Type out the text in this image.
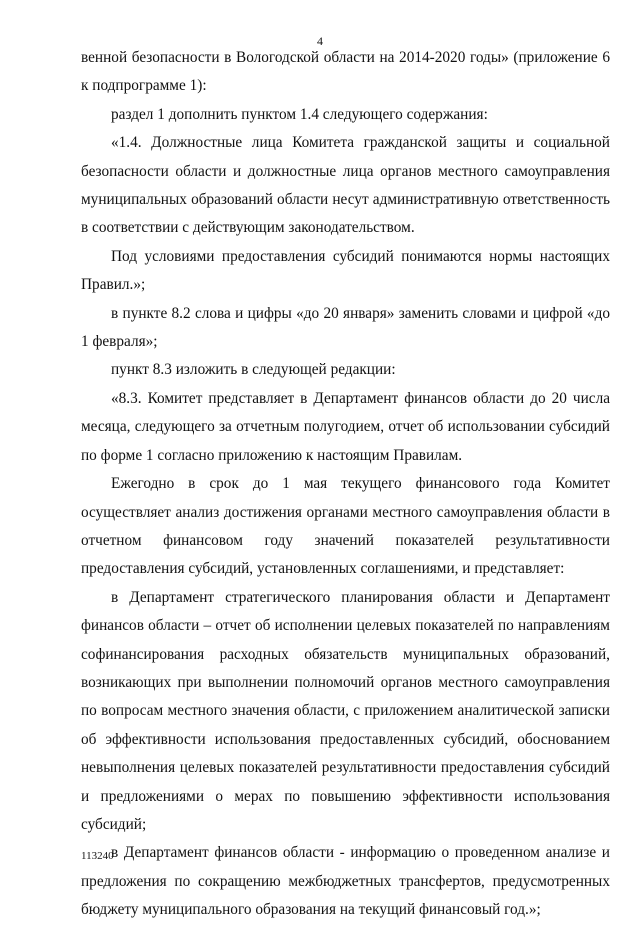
4

венной безопасности в Вологодской области на 2014-2020 годы» (приложение 6 к подпрограмме 1):

раздел 1 дополнить пунктом 1.4 следующего содержания:

«1.4. Должностные лица Комитета гражданской защиты и социальной безопасности области и должностные лица органов местного самоуправления муниципальных образований области несут административную ответственность в соответствии с действующим законодательством.

Под условиями предоставления субсидий понимаются нормы настоящих Правил.»;

в пункте 8.2 слова и цифры «до 20 января» заменить словами и цифрой «до 1 февраля»;

пункт 8.3 изложить в следующей редакции:

«8.3. Комитет представляет в Департамент финансов области до 20 числа месяца, следующего за отчетным полугодием, отчет об использовании субсидий по форме 1 согласно приложению к настоящим Правилам.

Ежегодно в срок до 1 мая текущего финансового года Комитет осуществляет анализ достижения органами местного самоуправления области в отчетном финансовом году значений показателей результативности предоставления субсидий, установленных соглашениями, и представляет:

в Департамент стратегического планирования области и Департамент финансов области – отчет об исполнении целевых показателей по направлениям софинансирования расходных обязательств муниципальных образований, возникающих при выполнении полномочий органов местного самоуправления по вопросам местного значения области, с приложением аналитической записки об эффективности использования предоставленных субсидий, обоснованием невыполнения целевых показателей результативности предоставления субсидий и предложениями о мерах по повышению эффективности использования субсидий;

в Департамент финансов области - информацию о проведенном анализе и предложения по сокращению межбюджетных трансфертов, предусмотренных бюджету муниципального образования на текущий финансовый год.»;

113240
